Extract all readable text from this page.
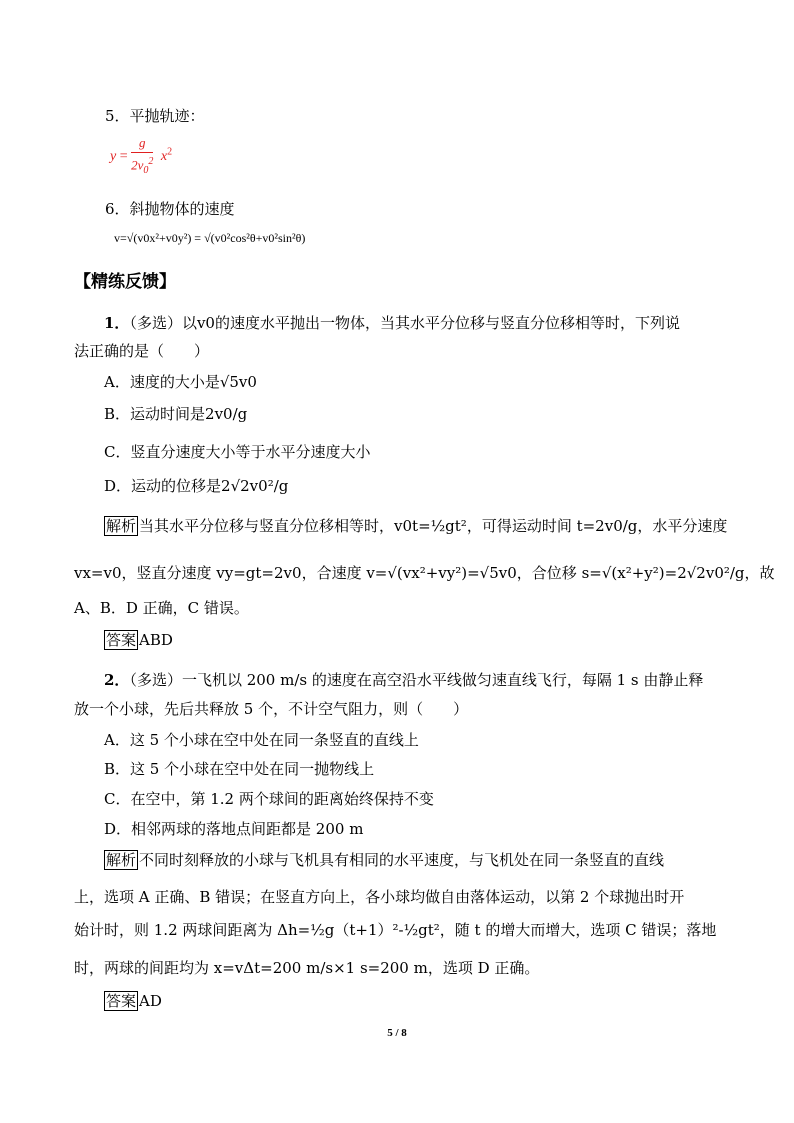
5．平抛轨迹：
$y = \frac{g}{2v_0^2} x^2$
6．斜抛物体的速度
v=√(v0x²+v0y²) = √(v0²cos²θ+v0²sin²θ)
【精练反馈】
1．（多选）以v0的速度水平抛出一物体，当其水平分位移与竖直分位移相等时，下列说
法正确的是（　　）
A．速度的大小是√5v0
B．运动时间是2v0/g
C．竖直分速度大小等于水平分速度大小
D．运动的位移是2√2v0²/g
解析 当其水平分位移与竖直分位移相等时，v0t=½gt²，可得运动时间 t=2v0/g，水平分速度
vx=v0，竖直分速度 vy=gt=2v0，合速度 v=√(vx²+vy²)=√5v0，合位移 s=√(x²+y²)=2√2v0²/g，故
A、B．D 正确，C 错误。
答案 ABD
2．（多选）一飞机以 200 m/s 的速度在高空沿水平线做匀速直线飞行，每隔 1 s 由静止释
放一个小球，先后共释放 5 个，不计空气阻力，则（　　）
A．这 5 个小球在空中处在同一条竖直的直线上
B．这 5 个小球在空中处在同一抛物线上
C．在空中，第 1.2 两个球间的距离始终保持不变
D．相邻两球的落地点间距都是 200 m
解析 不同时刻释放的小球与飞机具有相同的水平速度，与飞机处在同一条竖直的直线
上，选项 A 正确、B 错误；在竖直方向上，各小球均做自由落体运动，以第 2 个球抛出时开
始计时，则 1.2 两球间距离为 Δh=½g（t+1）²-½gt²，随 t 的增大而增大，选项 C 错误；落地
时，两球的间距均为 x=vΔt=200 m/s×1 s=200 m，选项 D 正确。
答案 AD
5 / 8
